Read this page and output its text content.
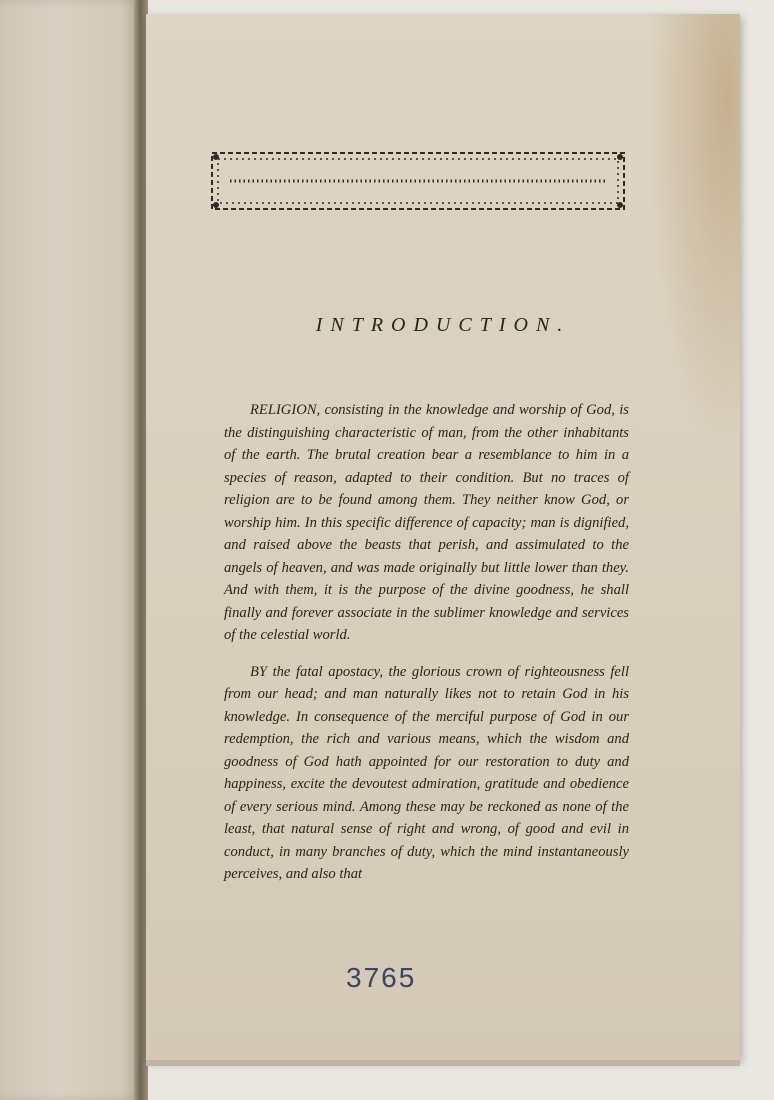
INTRODUCTION.

RELIGION, consisting in the knowledge and worship of God, is the distinguishing characteristic of man, from the other inhabitants of the earth. The brutal creation bear a resemblance to him in a species of reason, adapted to their condition. But no traces of religion are to be found among them. They neither know God, or worship him. In this specific difference of capacity; man is dignified, and raised above the beasts that perish, and assimulated to the angels of heaven, and was made originally but little lower than they. And with them, it is the purpose of the divine goodness, he shall finally and forever associate in the sublimer knowledge and services of the celestial world.

BY the fatal apostacy, the glorious crown of righteousness fell from our head; and man naturally likes not to retain God in his knowledge. In consequence of the merciful purpose of God in our redemption, the rich and various means, which the wisdom and goodness of God hath appointed for our restoration to duty and happiness, excite the devoutest admiration, gratitude and obedience of every serious mind. Among these may be reckoned as none of the least, that natural sense of right and wrong, of good and evil in conduct, in many branches of duty, which the mind instantaneously perceives, and also that

3765
